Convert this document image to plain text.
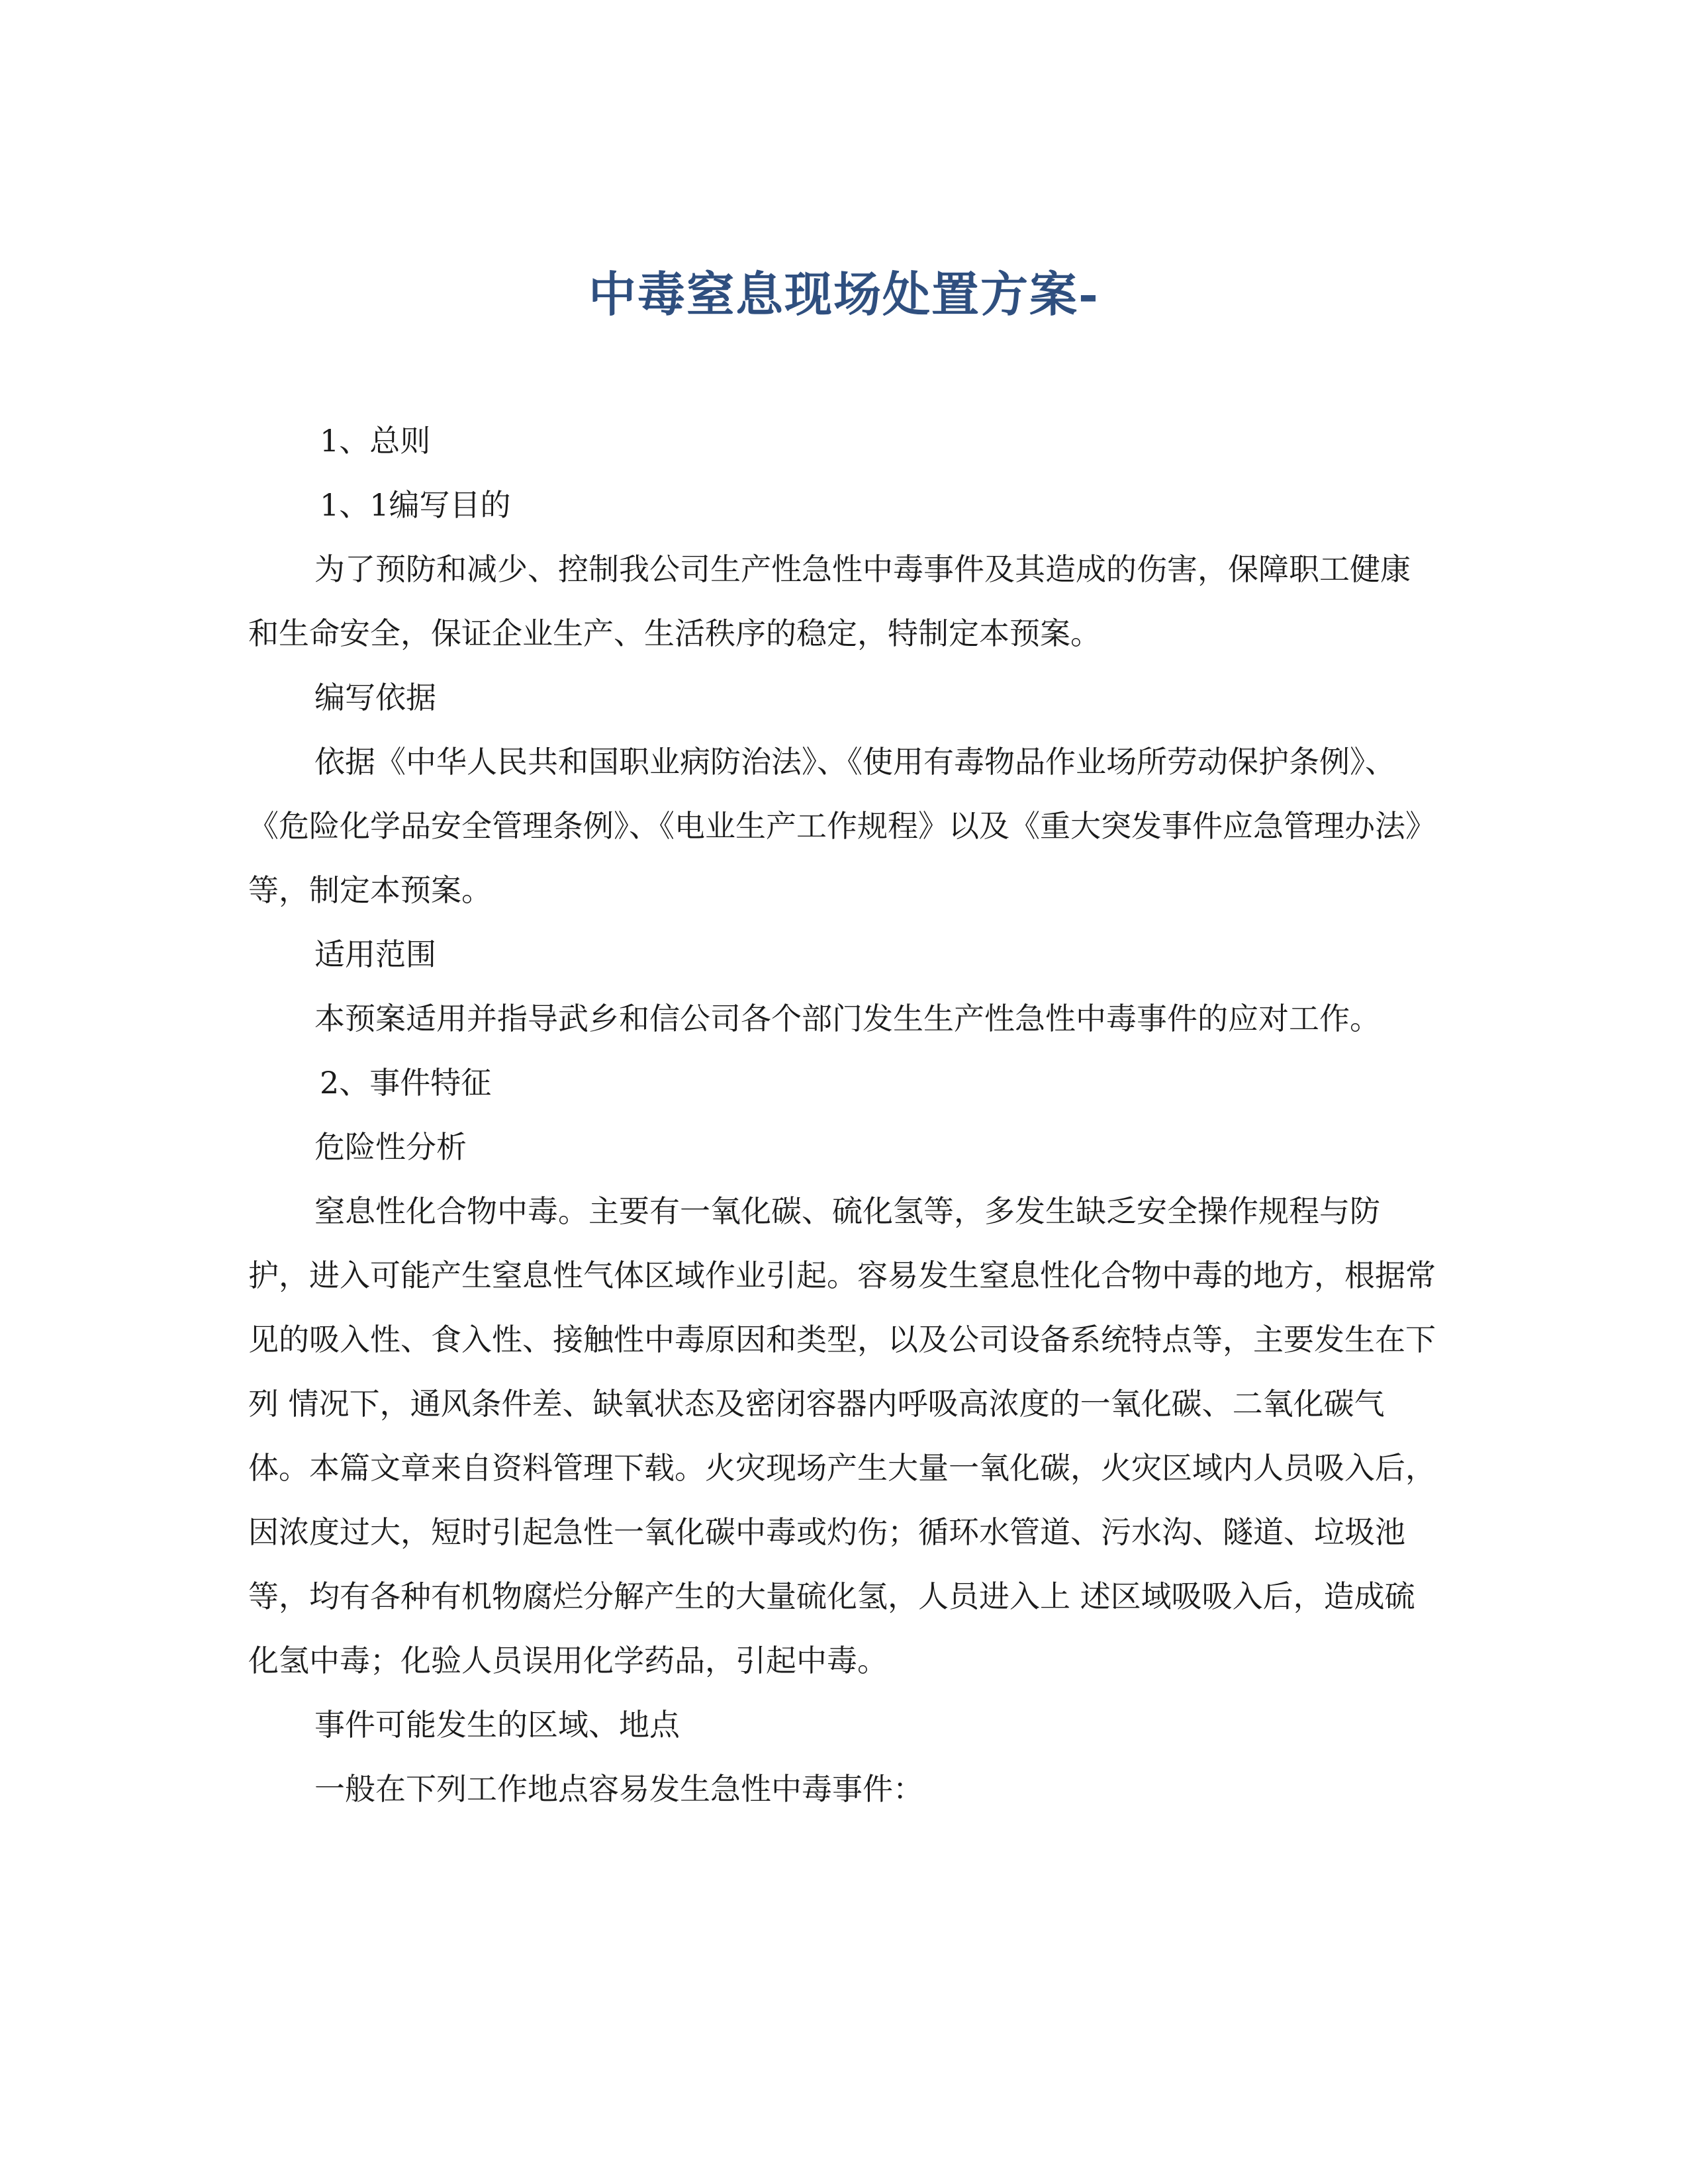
中毒窒息现场处置方案-

1、总则

1、1编写目的

为了预防和减少、控制我公司生产性急性中毒事件及其造成的伤害，保障职工健康和生命安全，保证企业生产、生活秩序的稳定，特制定本预案。

编写依据

依据《中华人民共和国职业病防治法》、《使用有毒物品作业场所劳动保护条例》、《危险化学品安全管理条例》、《电业生产工作规程》以及《重大突发事件应急管理办法》等，制定本预案。

适用范围

本预案适用并指导武乡和信公司各个部门发生生产性急性中毒事件的应对工作。

2、事件特征

危险性分析

窒息性化合物中毒。主要有一氧化碳、硫化氢等，多发生缺乏安全操作规程与防护，进入可能产生窒息性气体区域作业引起。容易发生窒息性化合物中毒的地方，根据常见的吸入性、食入性、接触性中毒原因和类型，以及公司设备系统特点等，主要发生在下列 情况下，通风条件差、缺氧状态及密闭容器内呼吸高浓度的一氧化碳、二氧化碳气体。本篇文章来自资料管理下载。火灾现场产生大量一氧化碳，火灾区域内人员吸入后，因浓度过大，短时引起急性一氧化碳中毒或灼伤；循环水管道、污水沟、隧道、垃圾池等，均有各种有机物腐烂分解产生的大量硫化氢，人员进入上 述区域吸吸入后，造成硫化氢中毒；化验人员误用化学药品，引起中毒。

事件可能发生的区域、地点

一般在下列工作地点容易发生急性中毒事件：
